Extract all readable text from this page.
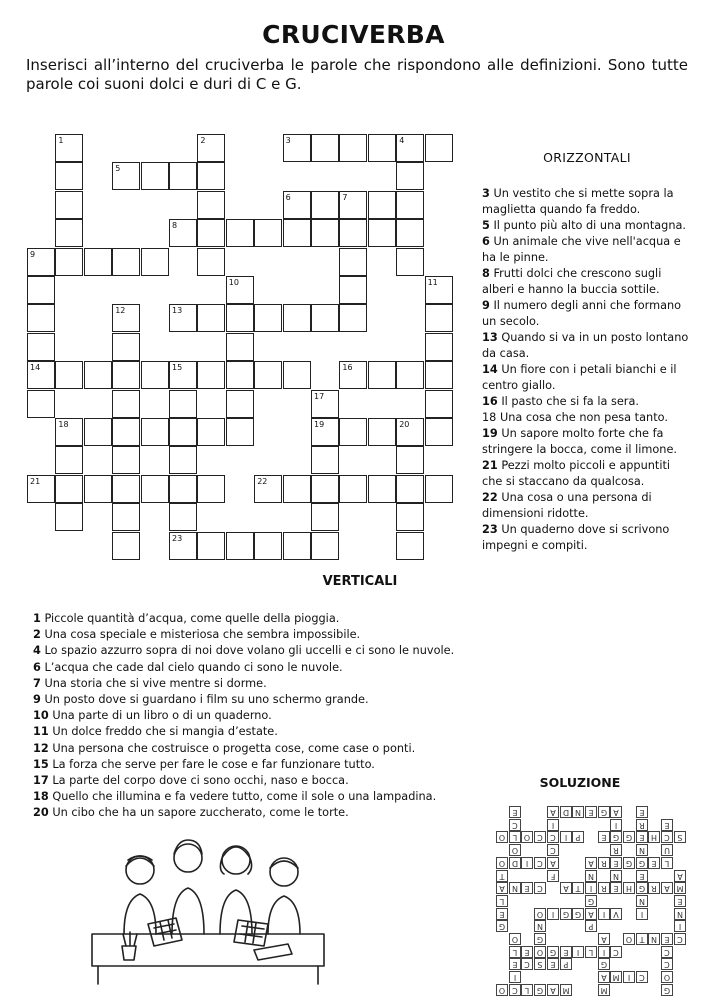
CRUCIVERBA
Inserisci all’interno del cruciverba le parole che rispondono alle definizioni. Sono tutte parole coi suoni dolci e duri di C e G.
3	4
5
6	7
8
9
13
14	15	16
18	19	20
21	22
23
1	2
10	11
12
17
ORIZZONTALI
3 Un vestito che si mette sopra la maglietta quando fa freddo.
5 Il punto più alto di una montagna.
6 Un animale che vive nell'acqua e ha le pinne.
8 Frutti dolci che crescono sugli alberi e hanno la buccia sottile.
9 Il numero degli anni che formano un secolo.
13 Quando si va in un posto lontano da casa.
14 Un fiore con i petali bianchi e il centro giallo.
16 Il pasto che si fa la sera.
18 Una cosa che non pesa tanto.
19 Un sapore molto forte che fa stringere la bocca, come il limone.
21 Pezzi molto piccoli e appuntiti che si staccano da qualcosa.
22 Una cosa o una persona di dimensioni ridotte.
23 Un quaderno dove si scrivono impegni e compiti.
VERTICALI
1 Piccole quantità d’acqua, come quelle della pioggia.
2 Una cosa speciale e misteriosa che sembra impossibile.
4 Lo spazio azzurro sopra di noi dove volano gli uccelli e ci sono le nuvole.
6 L’acqua che cade dal cielo quando ci sono le nuvole.
7 Una storia che si vive mentre si dorme.
9 Un posto dove si guardano i film su uno schermo grande.
10 Una parte di un libro o di un quaderno.
11 Un dolce freddo che si mangia d’estate.
12 Una persona che costruisce o progetta cose, come case o ponti.
15 La forza che serve per fare le cose e far funzionare tutto.
17 La parte del corpo dove ci sono occhi, naso e bocca.
18 Quello che illumina e fa vedere tutto, come il sole o una lampadina.
20 Un cibo che ha un sapore zuccherato, come le torte.
SOLUZIONE
M
A
G
L
C
O
C
I
M
A
P
E
S
C
E
C
I
L
I
E
G
O
E
C
E
N
T
O
V
I
A
G
G
I
O
M
A
R
G
H
E
R
I
T
A
C
E
N
A
L
E
G
G
E
R
A
A
C
I
D
O
S
C
H
E
G
G
E
P
I
C
C
O
L
O
A
G
E
N
D
A
G
O
C
C
M
G
A
I
L
O	G
N	I
N
E
A
P
G
N
G
E
L
T
I
N
E
N
R
E
N
R
I
F
C
I
U
E
O
C
E
